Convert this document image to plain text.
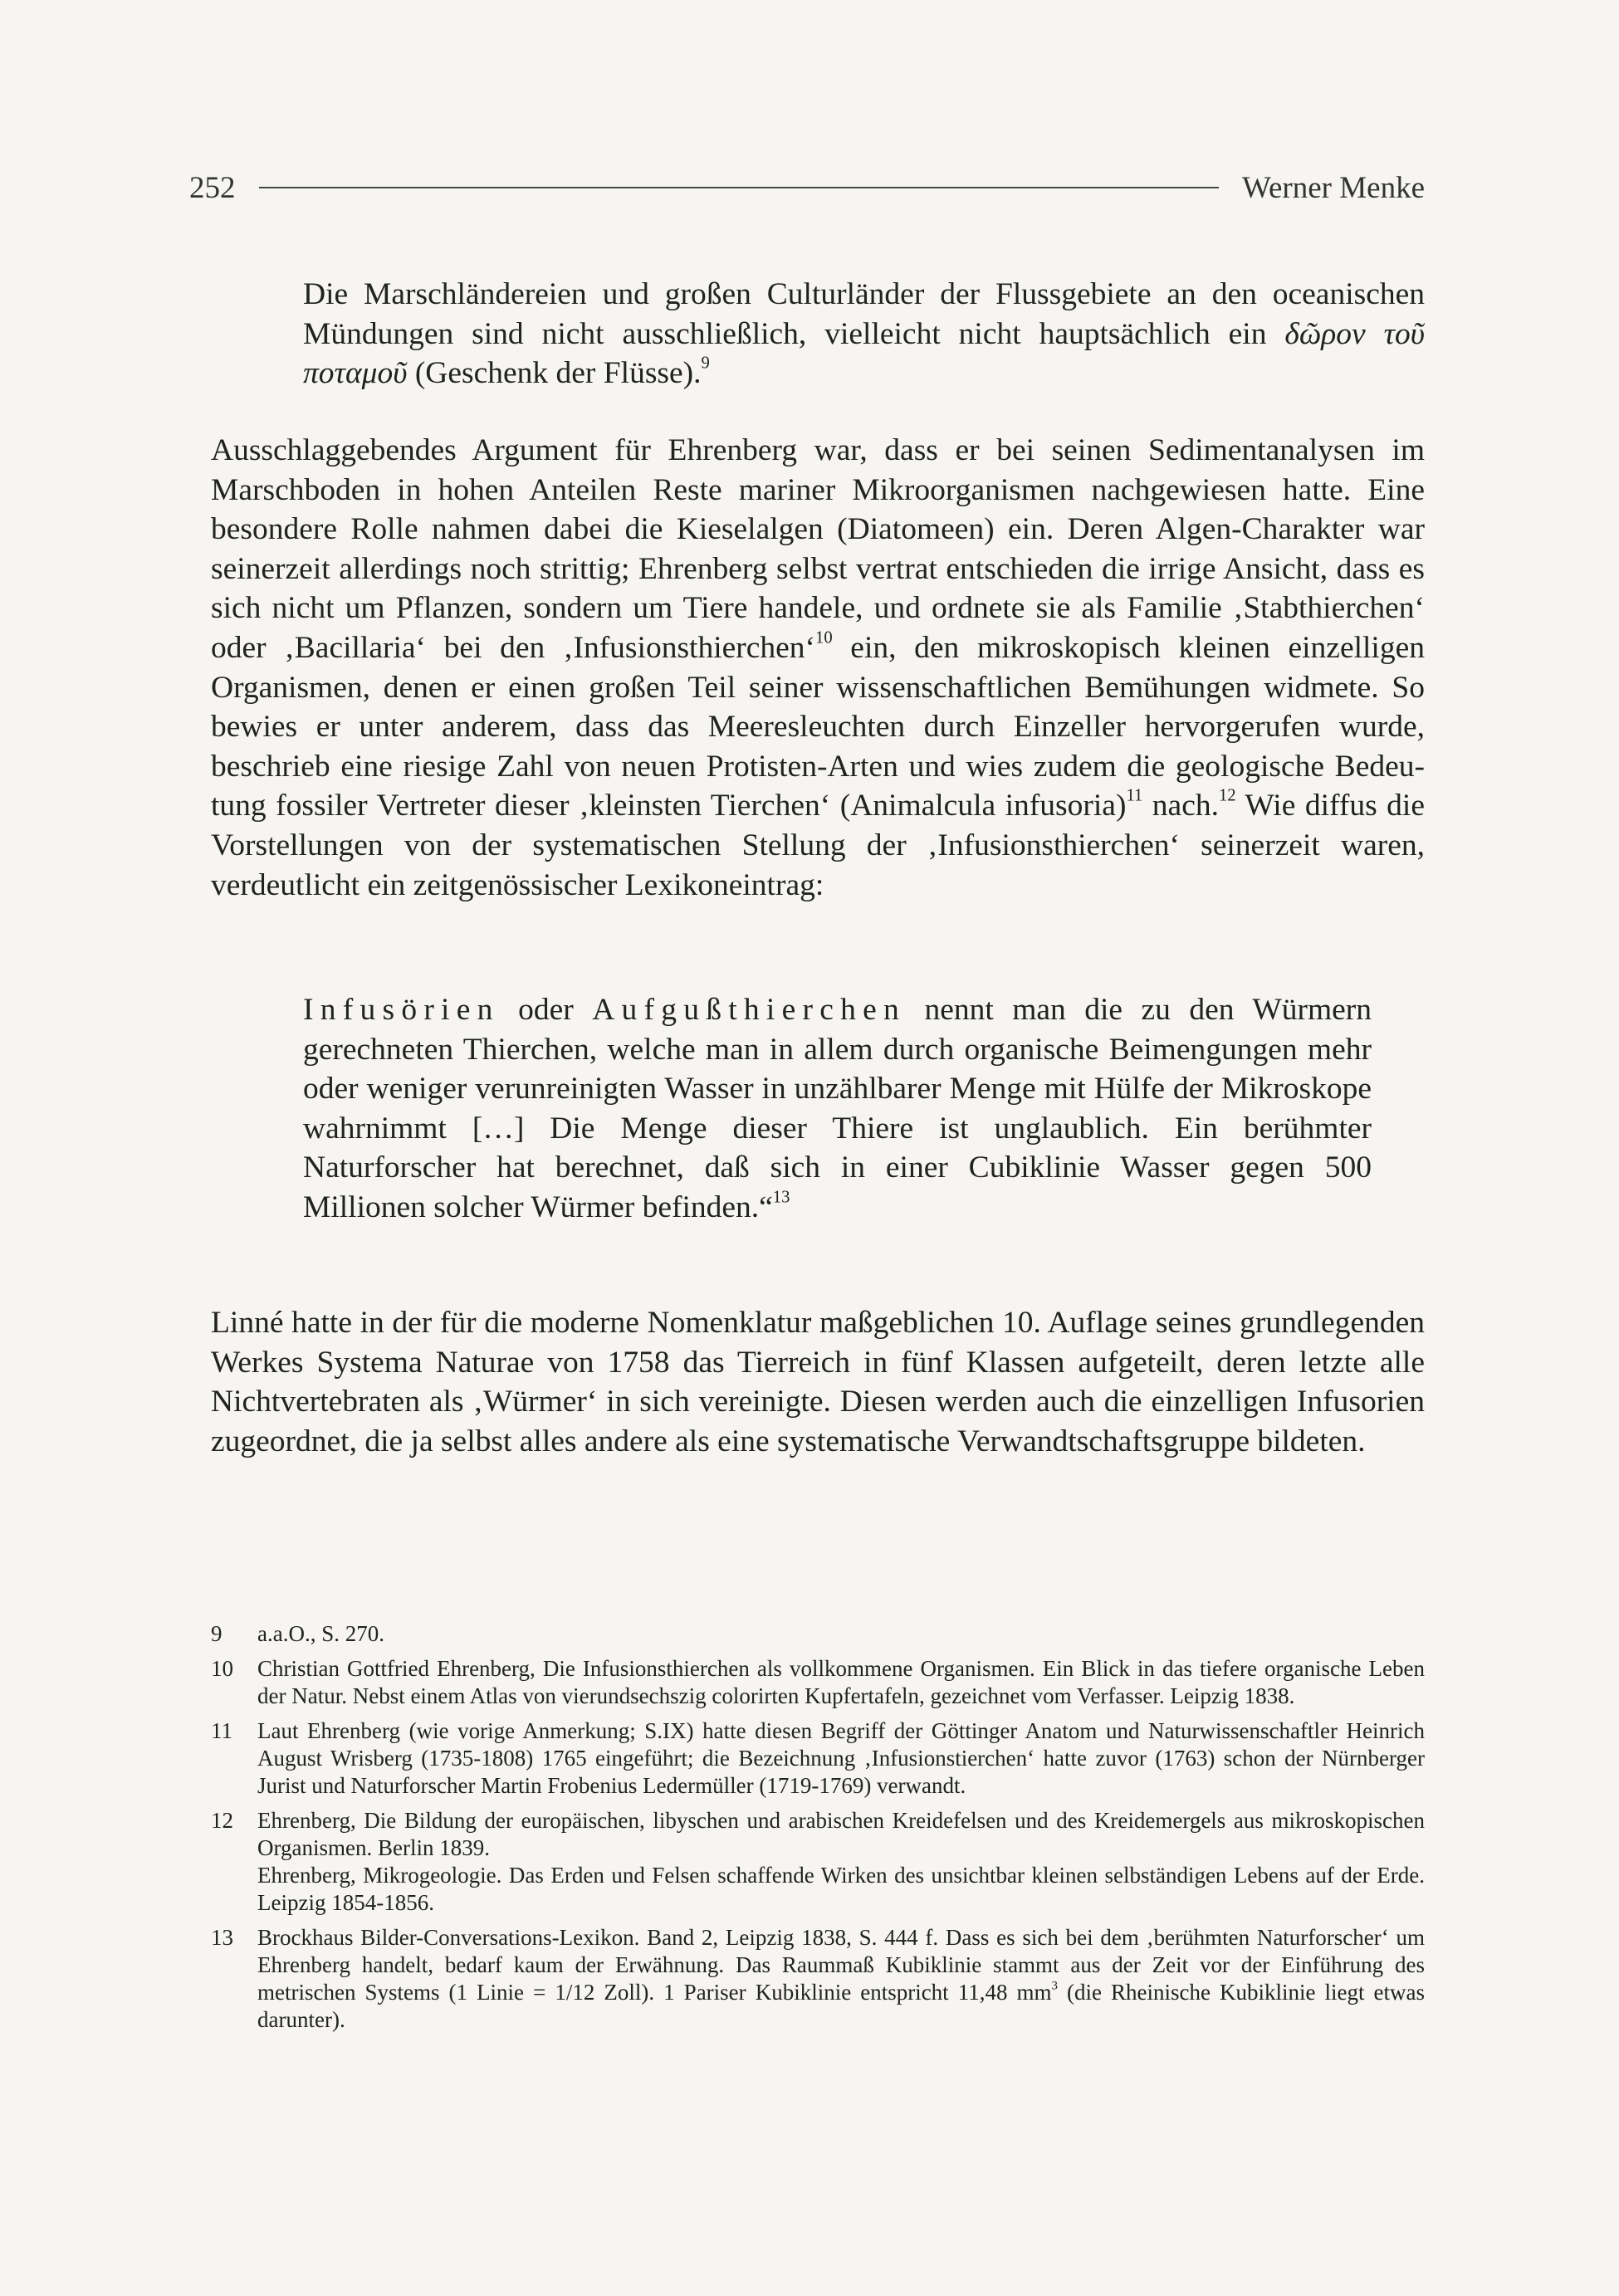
252	Werner Menke

Die Marschländereien und großen Culturländer der Flussgebiete an den oceanischen Mündungen sind nicht ausschließlich, vielleicht nicht hauptsächlich ein δῶρον τοῦ ποταμοῦ (Geschenk der Flüsse).$^9$

Ausschlaggebendes Argument für Ehrenberg war, dass er bei seinen Sedimentanalysen im Marschboden in hohen Anteilen Reste mariner Mikroorganismen nachgewiesen hatte. Eine besondere Rolle nahmen dabei die Kieselalgen (Diatomeen) ein. Deren Algen-Charakter war seinerzeit allerdings noch strittig; Ehrenberg selbst vertrat entschieden die irrige Ansicht, dass es sich nicht um Pflanzen, sondern um Tiere handele, und ordnete sie als Familie ‚Stabthierchen‘ oder ‚Bacillaria‘ bei den ‚Infusionsthierchen‘$^{10}$ ein, den mikroskopisch kleinen einzelligen Organismen, denen er einen großen Teil seiner wissenschaftlichen Bemühungen widmete. So bewies er unter anderem, dass das Meeresleuchten durch Einzeller hervorgerufen wurde, beschrieb eine riesige Zahl von neuen Protisten-Arten und wies zudem die geologische Bedeutung fossiler Vertreter dieser ‚kleinsten Tierchen‘ (Animalcula infusoria)$^{11}$ nach.$^{12}$ Wie diffus die Vorstellungen von der systematischen Stellung der ‚Infusionsthierchen‘ seinerzeit waren, verdeutlicht ein zeitgenössischer Lexikoneintrag:

Infusörien oder Aufgußthierchen nennt man die zu den Würmern gerechneten Thierchen, welche man in allem durch organische Beimengungen mehr oder weniger verunreinigten Wasser in unzählbarer Menge mit Hülfe der Mikroskope wahrnimmt […] Die Menge dieser Thiere ist unglaublich. Ein berühmter Naturforscher hat berechnet, daß sich in einer Cubiklinie Wasser gegen 500 Millionen solcher Würmer befinden.“$^{13}$

Linné hatte in der für die moderne Nomenklatur maßgeblichen 10. Auflage seines grundlegenden Werkes Systema Naturae von 1758 das Tierreich in fünf Klassen aufgeteilt, deren letzte alle Nichtvertebraten als ‚Würmer‘ in sich vereinigte. Diesen werden auch die einzelligen Infusorien zugeordnet, die ja selbst alles andere als eine systematische Verwandtschaftsgruppe bildeten.

9	a.a.O., S. 270.

10	Christian Gottfried Ehrenberg, Die Infusionsthierchen als vollkommene Organismen. Ein Blick in das tiefere organische Leben der Natur. Nebst einem Atlas von vierundsechszig colorirten Kupfertafeln, gezeichnet vom Verfasser. Leipzig 1838.

11	Laut Ehrenberg (wie vorige Anmerkung; S.IX) hatte diesen Begriff der Göttinger Anatom und Naturwissenschaftler Heinrich August Wrisberg (1735-1808) 1765 eingeführt; die Bezeichnung ‚Infusionstierchen‘ hatte zuvor (1763) schon der Nürnberger Jurist und Naturforscher Martin Frobenius Ledermüller (1719-1769) verwandt.

12	Ehrenberg, Die Bildung der europäischen, libyschen und arabischen Kreidefelsen und des Kreidemergels aus mikroskopischen Organismen. Berlin 1839.

Ehrenberg, Mikrogeologie. Das Erden und Felsen schaffende Wirken des unsichtbar kleinen selbständigen Lebens auf der Erde. Leipzig 1854-1856.

13	Brockhaus Bilder-Conversations-Lexikon. Band 2, Leipzig 1838, S. 444 f. Dass es sich bei dem ‚berühmten Naturforscher‘ um Ehrenberg handelt, bedarf kaum der Erwähnung. Das Raummaß Kubiklinie stammt aus der Zeit vor der Einführung des metrischen Systems (1 Linie = 1/12 Zoll). 1 Pariser Kubiklinie entspricht 11,48 $mm^3$ (die Rheinische Kubiklinie liegt etwas darunter).
